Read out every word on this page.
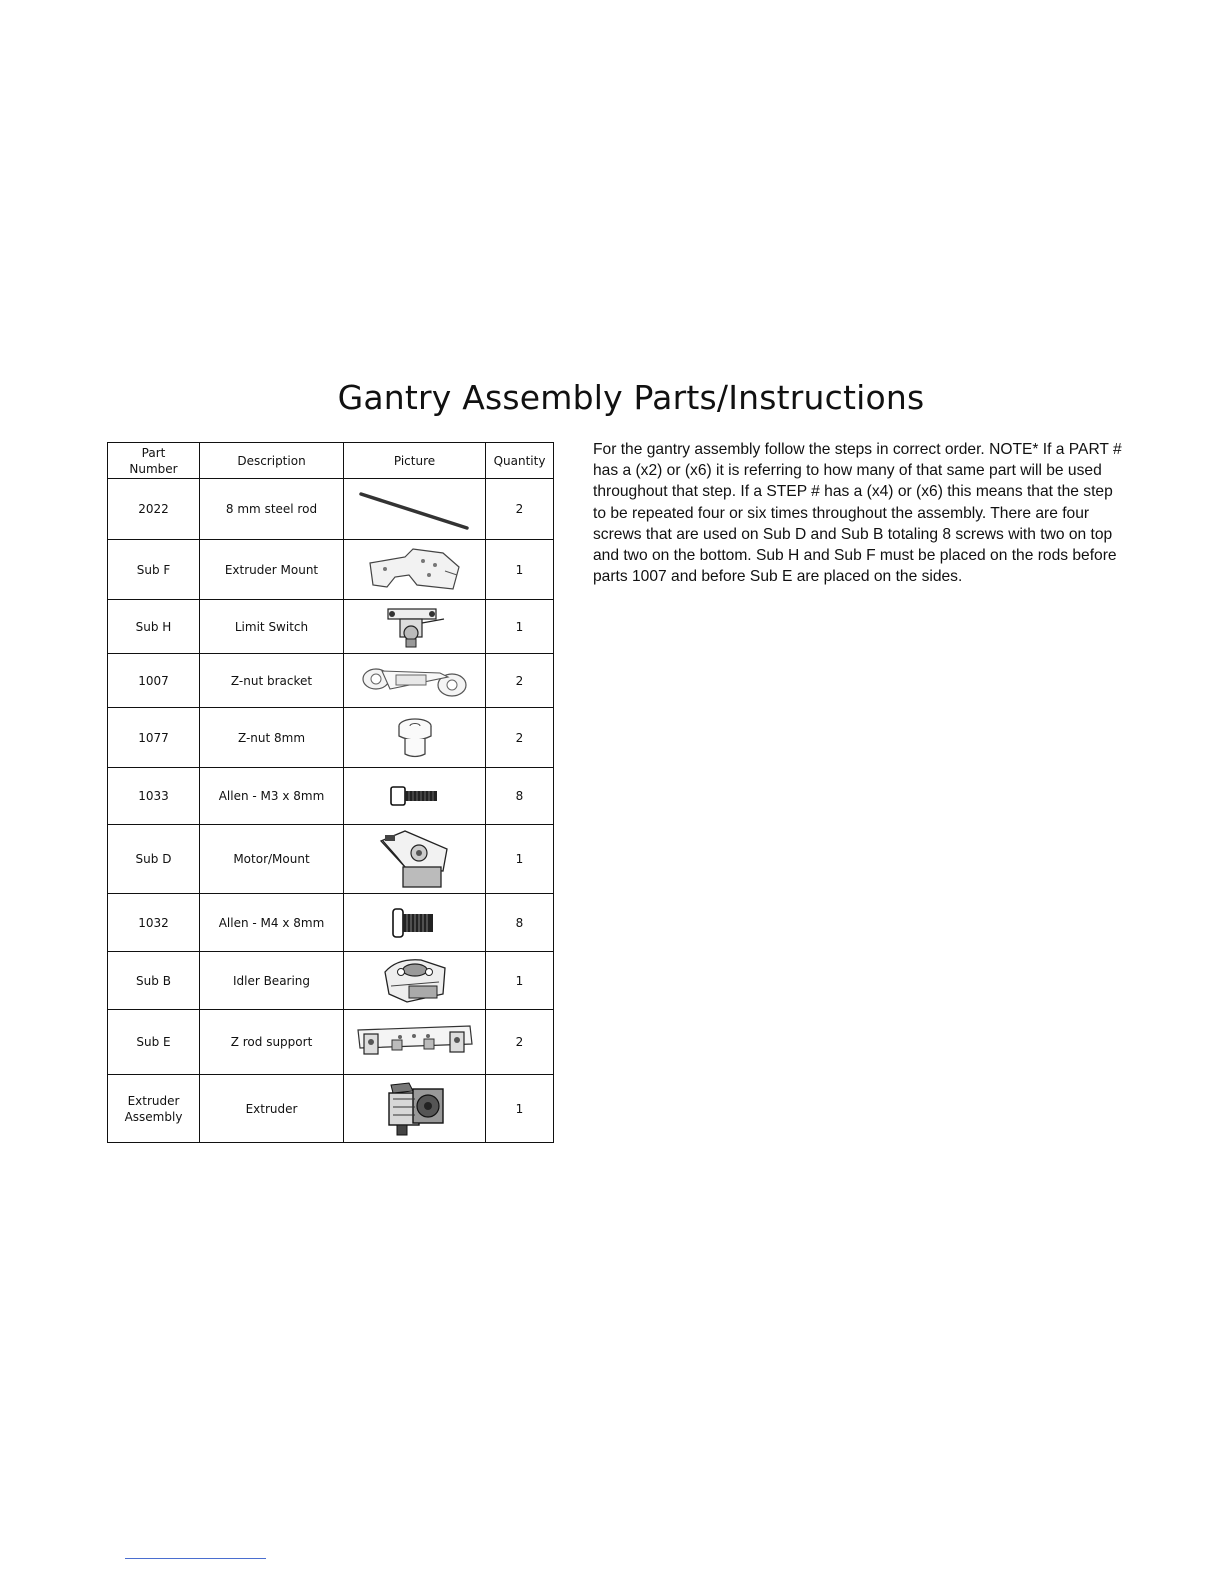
Gantry Assembly Parts/Instructions
Part Number	Description	Picture	Quantity
2022	8 mm steel rod		2
Sub F	Extruder Mount		1
Sub H	Limit Switch		1
1007	Z-nut bracket		2
1077	Z-nut 8mm		2
1033	Allen - M3 x 8mm		8
Sub D	Motor/Mount		1
1032	Allen - M4 x 8mm		8
Sub B	Idler Bearing		1
Sub E	Z rod support		2
Extruder Assembly	Extruder		1

For the gantry assembly follow the steps in correct order. NOTE* If a PART #

has a (x2) or (x6) it is referring to how many of that same part will be used

throughout that step. If a STEP # has a (x4) or (x6) this means that the step

to be repeated four or six times throughout the assembly. There are four

screws that are used on Sub D and Sub B totaling 8 screws with two on top

and two on the bottom. Sub H and Sub F must be placed on the rods before

parts 1007 and before Sub E are placed on the sides.
